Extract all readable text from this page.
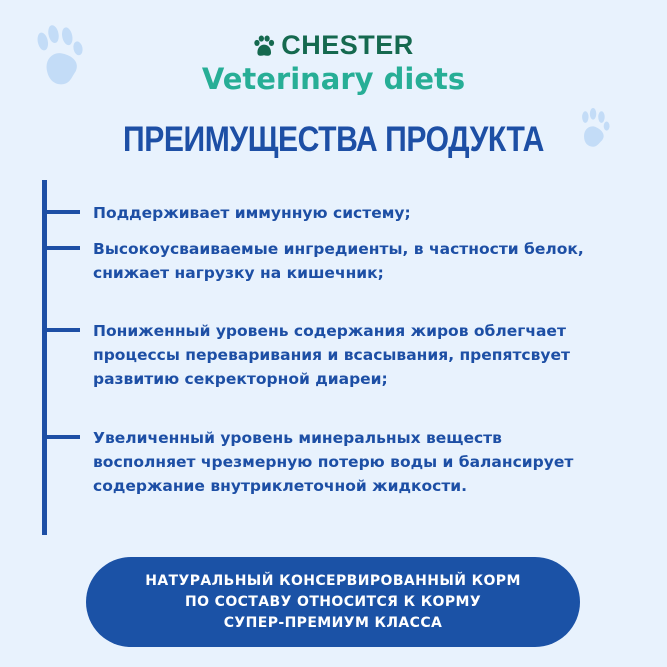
CHESTER
Veterinary diets
ПРЕИМУЩЕСТВА ПРОДУКТА
Поддерживает иммунную систему;
Высокоусваиваемые ингредиенты, в частности белок,
снижает нагрузку на кишечник;
Пониженный уровень содержания жиров облегчает
процессы переваривания и всасывания, препятсвует
развитию секректорной диареи;
Увеличенный уровень минеральных веществ
восполняет чрезмерную потерю воды и балансирует
содержание внутриклеточной жидкости.
НАТУРАЛЬНЫЙ КОНСЕРВИРОВАННЫЙ КОРМ
ПО СОСТАВУ ОТНОСИТСЯ К КОРМУ
СУПЕР-ПРЕМИУМ КЛАССА
